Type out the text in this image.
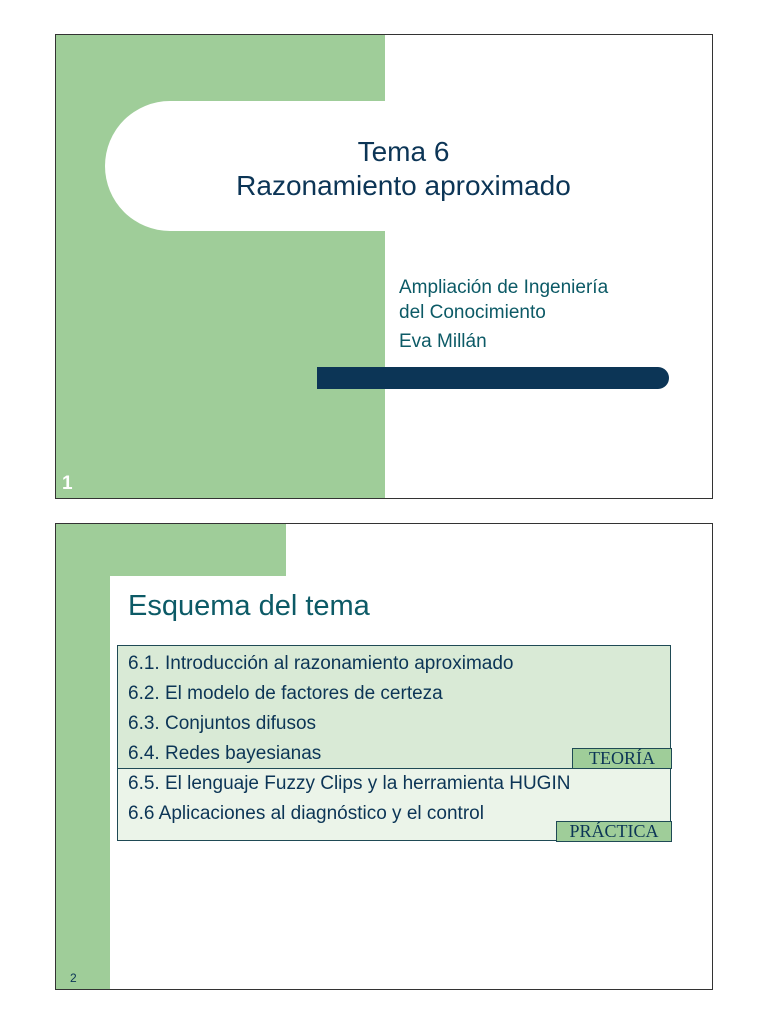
Tema 6
Razonamiento aproximado
Ampliación de Ingeniería
del Conocimiento
Eva Millán
1
Esquema del tema
6.1. Introducción al razonamiento aproximado
6.2. El modelo de factores de certeza
6.3. Conjuntos difusos
6.4. Redes bayesianas
6.5. El lenguaje Fuzzy Clips y la herramienta HUGIN
6.6 Aplicaciones al diagnóstico y el control
TEORÍA
PRÁCTICA
2
